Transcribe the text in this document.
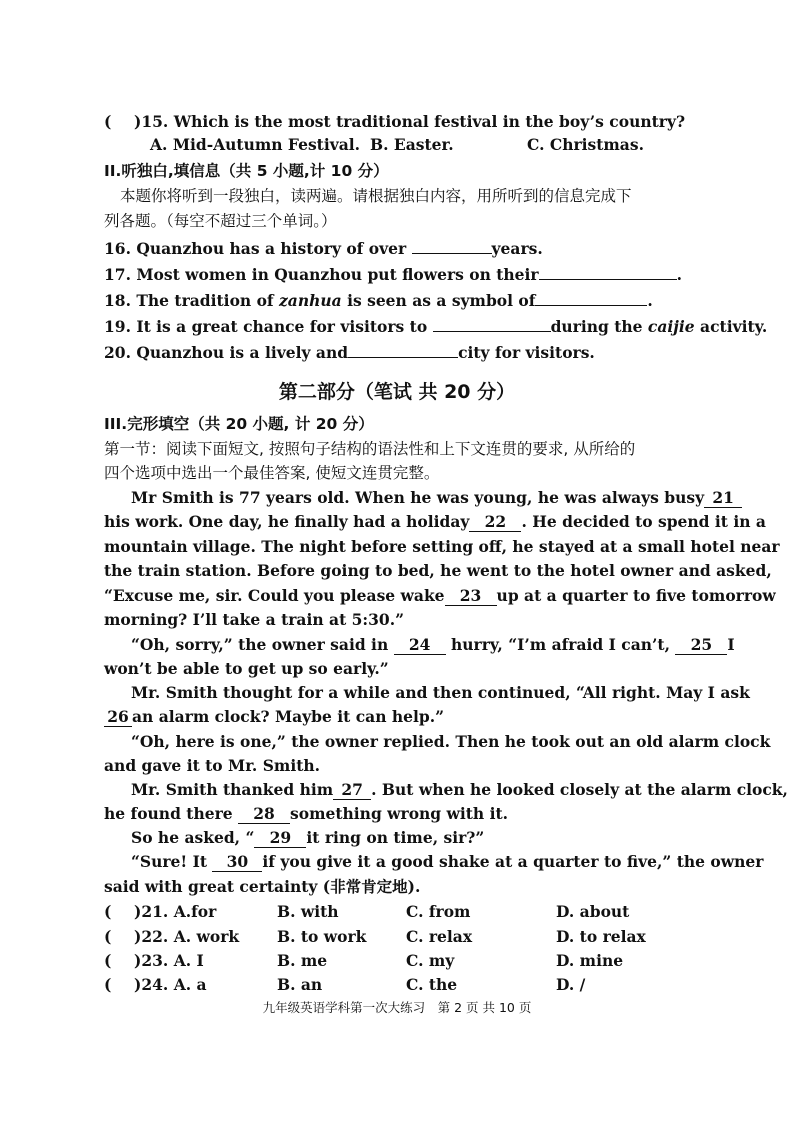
( )15. Which is the most traditional festival in the boy’s country?
A. Mid-Autumn Festival. B. Easter.	C. Christmas.
II.听独白,填信息（共 5 小题,计 10 分）
本题你将听到一段独白，读两遍。请根据独白内容，用所听到的信息完成下
列各题。（每空不超过三个单词。）
16. Quanzhou has a history of over	years.
17. Most women in Quanzhou put flowers on their	.
18. The tradition of zanhua is seen as a symbol of	.
19. It is a great chance for visitors to	during the caijie activity.
20. Quanzhou is a lively and	city for visitors.
第二部分（笔试 共 20 分）
III.完形填空（共 20 小题, 计 20 分）
第一节：阅读下面短文, 按照句子结构的语法性和上下文连贯的要求, 从所给的
四个选项中选出一个最佳答案, 使短文连贯完整。
Mr Smith is 77 years old. When he was young, he was always busy 21
his work. One day, he finally had a holiday 22 . He decided to spend it in a
mountain village. The night before setting off, he stayed at a small hotel near
the train station. Before going to bed, he went to the hotel owner and asked,
“Excuse me, sir. Could you please wake 23 up at a quarter to five tomorrow
morning? I’ll take a train at 5:30.”
“Oh, sorry,” the owner said in 24 hurry, “I’m afraid I can’t, 25 I
won’t be able to get up so early.”
Mr. Smith thought for a while and then continued, “All right. May I ask
26 an alarm clock? Maybe it can help.”
“Oh, here is one,” the owner replied. Then he took out an old alarm clock
and gave it to Mr. Smith.
Mr. Smith thanked him 27 . But when he looked closely at the alarm clock,
he found there 28 something wrong with it.
So he asked, “ 29 it ring on time, sir?”
“Sure! It 30 if you give it a good shake at a quarter to five,” the owner
said with great certainty (非常肯定地).
( )21. A.for	B. with	C. from	D. about
( )22. A. work B. to work	C. relax	D. to relax
( )23. A. I	B. me	C. my	D. mine
( )24. A. a	B. an	C. the	D. /
九年级英语学科第一次大练习　第 2 页 共 10 页
